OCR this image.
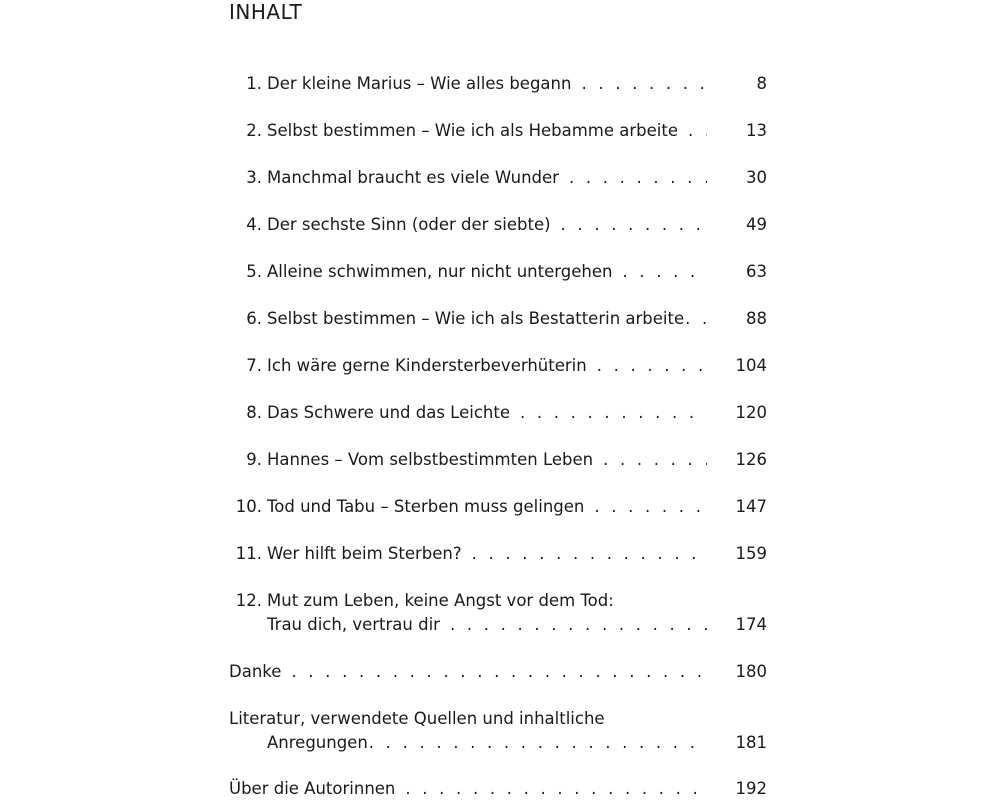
INHALT
1. Der kleine Marius – Wie alles begann . . .	8
2. Selbst bestimmen – Wie ich als Hebamme arbeite . . .	13
3. Manchmal braucht es viele Wunder . . .	30
4. Der sechste Sinn (oder der siebte) . . .	49
5. Alleine schwimmen, nur nicht untergehen . . .	63
6. Selbst bestimmen – Wie ich als Bestatterin arbeite . . .	88
7. Ich wäre gerne Kindersterbeverhüterin . . .	104
8. Das Schwere und das Leichte . . .	120
9. Hannes – Vom selbstbestimmten Leben . . .	126
10. Tod und Tabu – Sterben muss gelingen . . .	147
11. Wer hilft beim Sterben? . . .	159
12. Mut zum Leben, keine Angst vor dem Tod:
Trau dich, vertrau dir . . .	174
Danke . . .	180
Literatur, verwendete Quellen und inhaltliche
Anregungen . . .	181
Über die Autorinnen . . .	192
